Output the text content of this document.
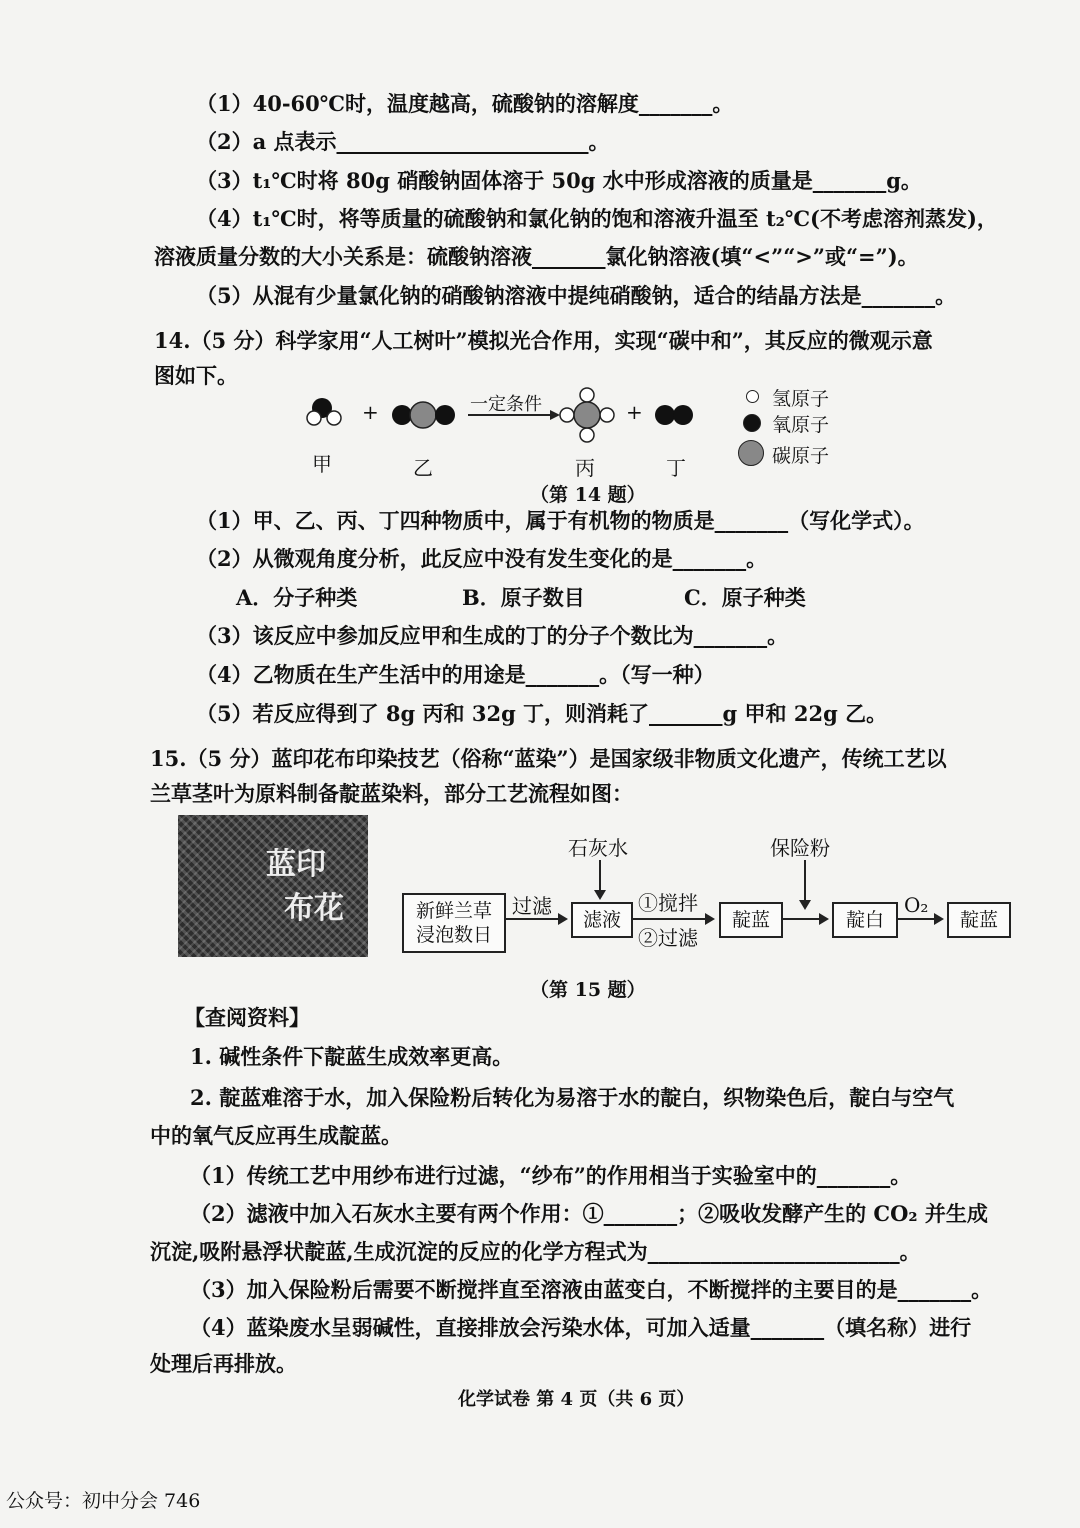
（1）40-60℃时，温度越高，硫酸钠的溶解度_______。
（2）a 点表示________________________。
（3）t₁℃时将 80g 硝酸钠固体溶于 50g 水中形成溶液的质量是_______g。
（4）t₁℃时，将等质量的硫酸钠和氯化钠的饱和溶液升温至 t₂℃(不考虑溶剂蒸发)，
溶液质量分数的大小关系是：硫酸钠溶液_______氯化钠溶液(填“<”“>”或“=”)。
（5）从混有少量氯化钠的硝酸钠溶液中提纯硝酸钠，适合的结晶方法是_______。
14.（5 分）科学家用“人工树叶”模拟光合作用，实现“碳中和”，其反应的微观示意
图如下。
+	+
一定条件
甲	乙	丙	丁
氢原子
氧原子
碳原子
（第 14 题）
（1）甲、乙、丙、丁四种物质中，属于有机物的物质是_______（写化学式）。
（2）从微观角度分析，此反应中没有发生变化的是_______。
A．分子种类	B．原子数目	C．原子种类
（3）该反应中参加反应甲和生成的丁的分子个数比为_______。
（4）乙物质在生产生活中的用途是_______。（写一种）
（5）若反应得到了 8g 丙和 32g 丁，则消耗了_______g 甲和 22g 乙。
15.（5 分）蓝印花布印染技艺（俗称“蓝染”）是国家级非物质文化遗产，传统工艺以
兰草茎叶为原料制备靛蓝染料，部分工艺流程如图：
蓝印
布花	新鲜兰草
浸泡数日
过滤
滤液
石灰水
①搅拌
②过滤
靛蓝
保险粉
靛白
O₂
靛蓝
（第 15 题）
【查阅资料】
1. 碱性条件下靛蓝生成效率更高。
2. 靛蓝难溶于水，加入保险粉后转化为易溶于水的靛白，织物染色后，靛白与空气
中的氧气反应再生成靛蓝。
（1）传统工艺中用纱布进行过滤，“纱布”的作用相当于实验室中的_______。
（2）滤液中加入石灰水主要有两个作用：①_______；②吸收发酵产生的 CO₂ 并生成
沉淀,吸附悬浮状靛蓝,生成沉淀的反应的化学方程式为________________________。
（3）加入保险粉后需要不断搅拌直至溶液由蓝变白，不断搅拌的主要目的是_______。
（4）蓝染废水呈弱碱性，直接排放会污染水体，可加入适量_______（填名称）进行
处理后再排放。
化学试卷 第 4 页（共 6 页）
公众号：初中分会 746
